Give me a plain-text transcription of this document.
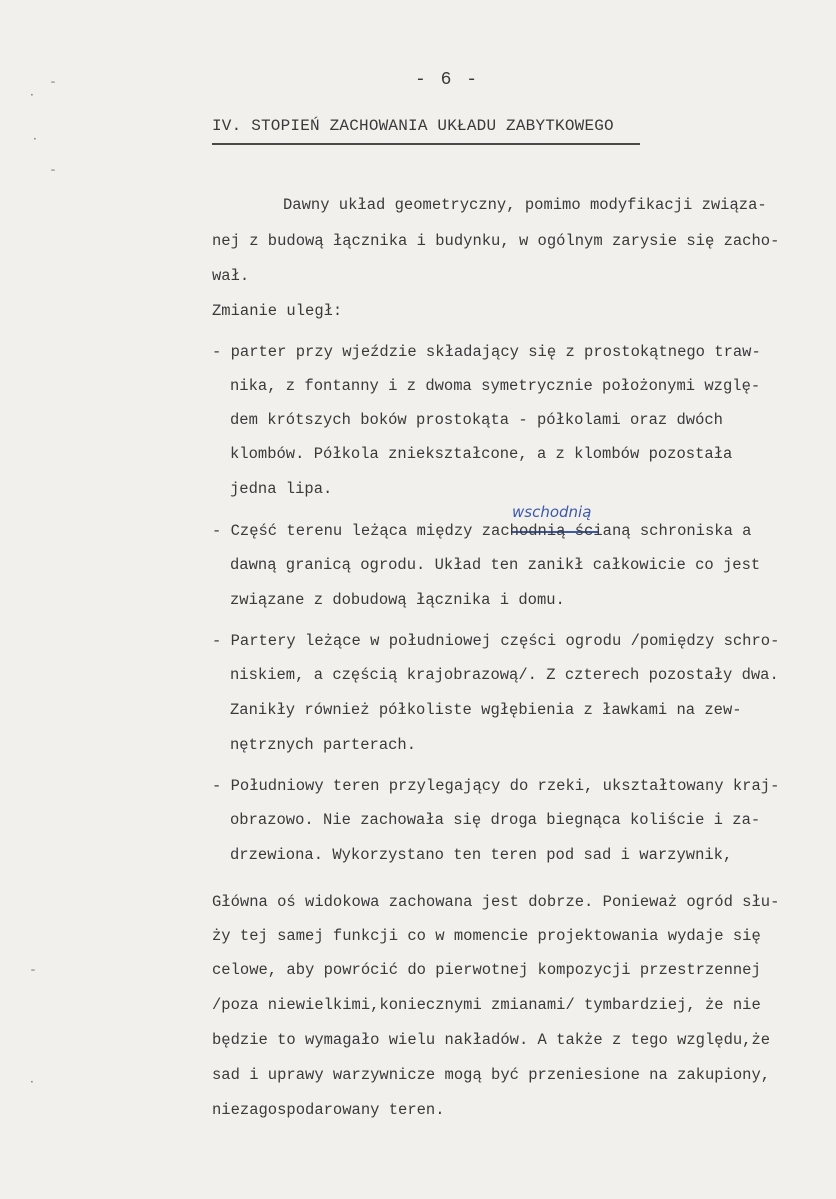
- 6 -
IV. STOPIEŃ ZACHOWANIA UKŁADU ZABYTKOWEGO
Dawny układ geometryczny, pomimo modyfikacji związa-
nej z budową łącznika i budynku, w ogólnym zarysie się zacho-
wał.
Zmianie uległ:
- parter przy wjeździe składający się z prostokątnego traw-
nika, z fontanny i z dwoma symetrycznie położonymi wzglę-
dem krótszych boków prostokąta - półkolami oraz dwóch
klombów. Półkola zniekształcone, a z klombów pozostała
jedna lipa.
wschodnią
- Część terenu leżąca między zachodnią ścianą schroniska a
dawną granicą ogrodu. Układ ten zanikł całkowicie co jest
związane z dobudową łącznika i domu.
- Partery leżące w południowej części ogrodu /pomiędzy schro-
niskiem, a częścią krajobrazową/. Z czterech pozostały dwa.
Zanikły również półkoliste wgłębienia z ławkami na zew-
nętrznych parterach.
- Południowy teren przylegający do rzeki, ukształtowany kraj-
obrazowo. Nie zachowała się droga biegnąca koliście i za-
drzewiona. Wykorzystano ten teren pod sad i warzywnik,
Główna oś widokowa zachowana jest dobrze. Ponieważ ogród słu-
ży tej samej funkcji co w momencie projektowania wydaje się
celowe, aby powrócić do pierwotnej kompozycji przestrzennej
/poza niewielkimi,koniecznymi zmianami/ tymbardziej, że nie
będzie to wymagało wielu nakładów. A także z tego względu,że
sad i uprawy warzywnicze mogą być przeniesione na zakupiony,
niezagospodarowany teren.
·
ˉ
·
ˉ
ˉ
·
